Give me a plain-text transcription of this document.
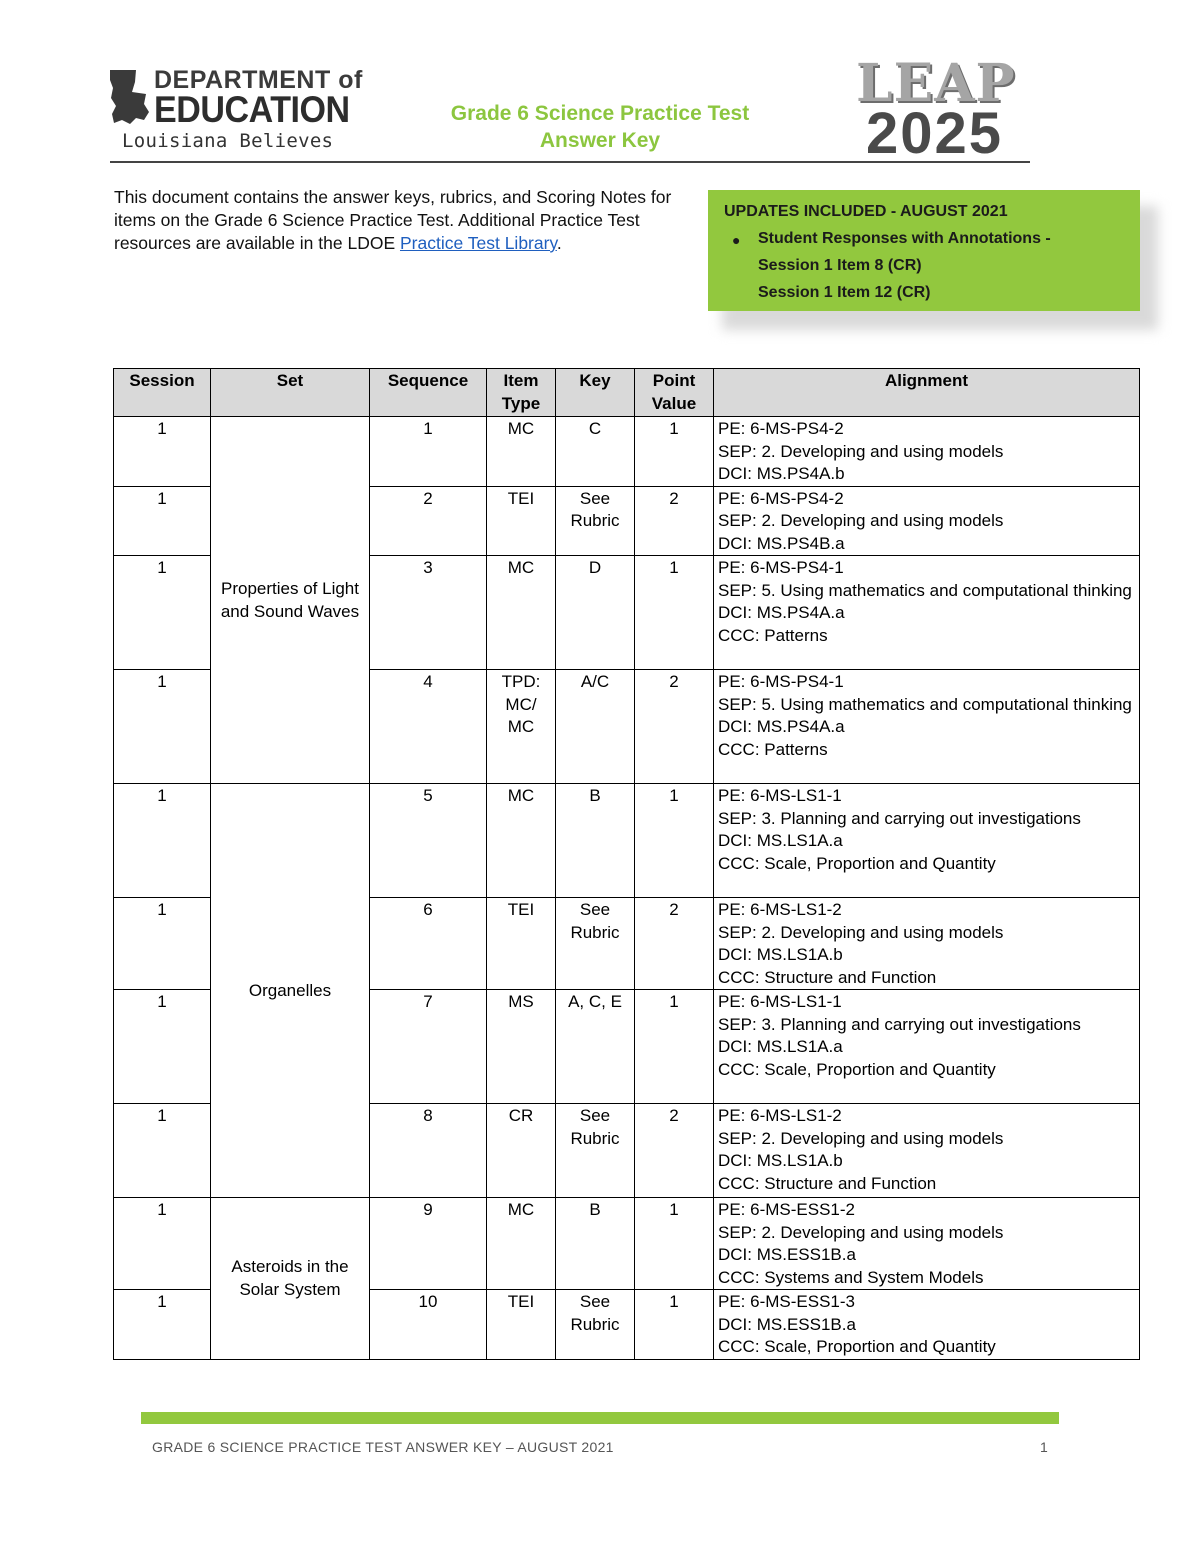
DEPARTMENT of
EDUCATION
Louisiana Believes
Grade 6 Science Practice Test
Answer Key
LEAP
2025
This document contains the answer keys, rubrics, and Scoring Notes for items on the Grade 6 Science Practice Test. Additional Practice Test resources are available in the LDOE Practice Test Library.
UPDATES INCLUDED - AUGUST 2021
● Student Responses with Annotations -
Session 1 Item 8 (CR)
Session 1 Item 12 (CR)
Session	Set	Sequence	Item Type	Key	Point Value	Alignment
1	Properties of Light and Sound Waves	1	MC	C	1	PE: 6-MS-PS4-2
SEP: 2. Developing and using models
DCI: MS.PS4A.b

1		2	TEI	See Rubric	2	PE: 6-MS-PS4-2
SEP: 2. Developing and using models
DCI: MS.PS4B.a

1		3	MC	D	1	PE: 6-MS-PS4-1
SEP: 5. Using mathematics and computational thinking
DCI: MS.PS4A.a
CCC: Patterns

1		4	TPD: MC/ MC	A/C	2	PE: 6-MS-PS4-1
SEP: 5. Using mathematics and computational thinking
DCI: MS.PS4A.a
CCC: Patterns

1	Organelles	5	MC	B	1	PE: 6-MS-LS1-1
SEP: 3. Planning and carrying out investigations
DCI: MS.LS1A.a
CCC: Scale, Proportion and Quantity

1		6	TEI	See Rubric	2	PE: 6-MS-LS1-2
SEP: 2. Developing and using models
DCI: MS.LS1A.b
CCC: Structure and Function

1		7	MS	A, C, E	1	PE: 6-MS-LS1-1
SEP: 3. Planning and carrying out investigations
DCI: MS.LS1A.a
CCC: Scale, Proportion and Quantity

1		8	CR	See Rubric	2	PE: 6-MS-LS1-2
SEP: 2. Developing and using models
DCI: MS.LS1A.b
CCC: Structure and Function

1	Asteroids in the Solar System	9	MC	B	1	PE: 6-MS-ESS1-2
SEP: 2. Developing and using models
DCI: MS.ESS1B.a
CCC: Systems and System Models

1		10	TEI	See Rubric	1	PE: 6-MS-ESS1-3
DCI: MS.ESS1B.a
CCC: Scale, Proportion and Quantity
GRADE 6 SCIENCE PRACTICE TEST ANSWER KEY – AUGUST 2021	1
